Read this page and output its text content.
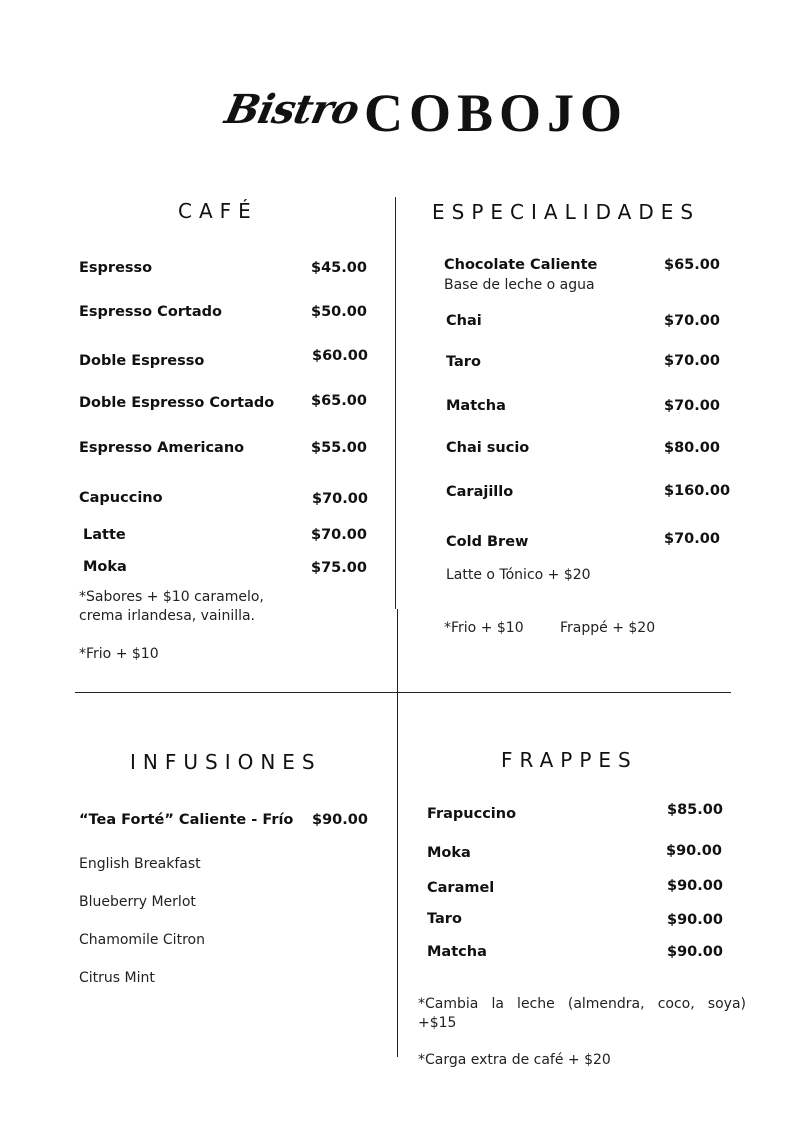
Bistro COBOJO
CAFÉ
Espresso	$45.00
Espresso Cortado	$50.00
Doble Espresso	$60.00
Doble Espresso Cortado	$65.00
Espresso Americano	$55.00
Capuccino	$70.00
Latte	$70.00
Moka	$75.00
*Sabores + $10 caramelo, crema irlandesa, vainilla.
*Frio + $10
ESPECIALIDADES
Chocolate Caliente	$65.00
Base de leche o agua
Chai	$70.00
Taro	$70.00
Matcha	$70.00
Chai sucio	$80.00
Carajillo	$160.00
Cold Brew	$70.00
Latte o Tónico + $20
*Frio + $10	Frappé + $20
INFUSIONES
“Tea Forté” Caliente - Frío $90.00
English Breakfast
Blueberry Merlot
Chamomile Citron
Citrus Mint
FRAPPES
Frapuccino	$85.00
Moka	$90.00
Caramel	$90.00
Taro	$90.00
Matcha	$90.00
*Cambia la leche (almendra, coco, soya) +$15
*Carga extra de café + $20
